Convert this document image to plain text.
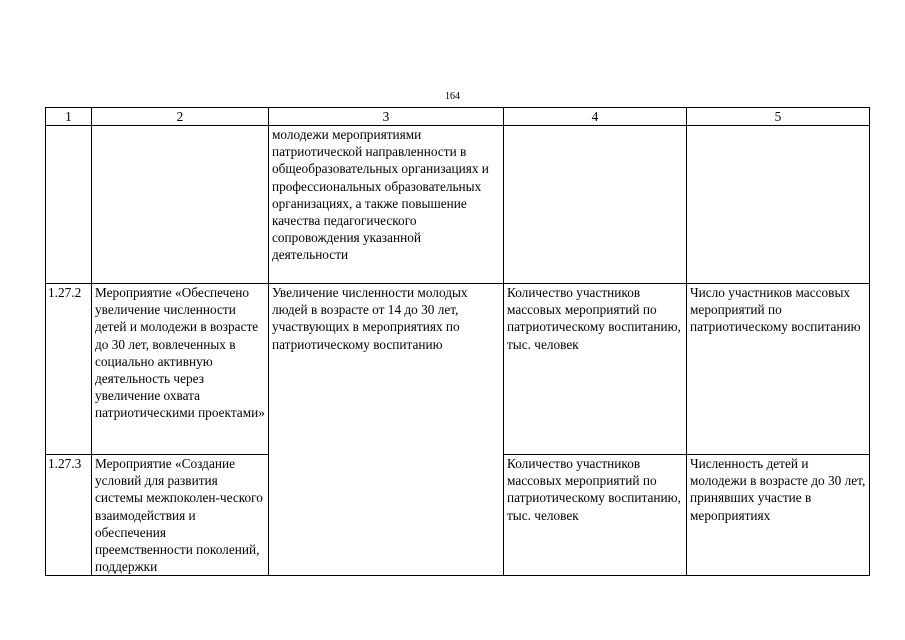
164
1	2	3	4	5
		молодежи мероприятиями патриотической направленности в общеобразовательных организациях и профессиональных образовательных организациях, а также повышение качества педагогического сопровождения указанной деятельности		
1.27.2	Мероприятие «Обеспечено увеличение численности детей и молодежи в возрасте до 30 лет, вовлеченных в социально активную деятельность через увеличение охвата патриотическими проектами»	Увеличение численности молодых людей в возрасте от 14 до 30 лет, участвующих в мероприятиях по патриотическому воспитанию	Количество участников массовых мероприятий по патриотическому воспитанию, тыс. человек	Число участников массовых мероприятий по патриотическому воспитанию
1.27.3	Мероприятие «Создание условий для развития системы межпоколен-ческого взаимодействия и обеспечения преемственности поколений, поддержки		Количество участников массовых мероприятий по патриотическому воспитанию, тыс. человек	Численность детей и молодежи в возрасте до 30 лет, принявших участие в мероприятиях
